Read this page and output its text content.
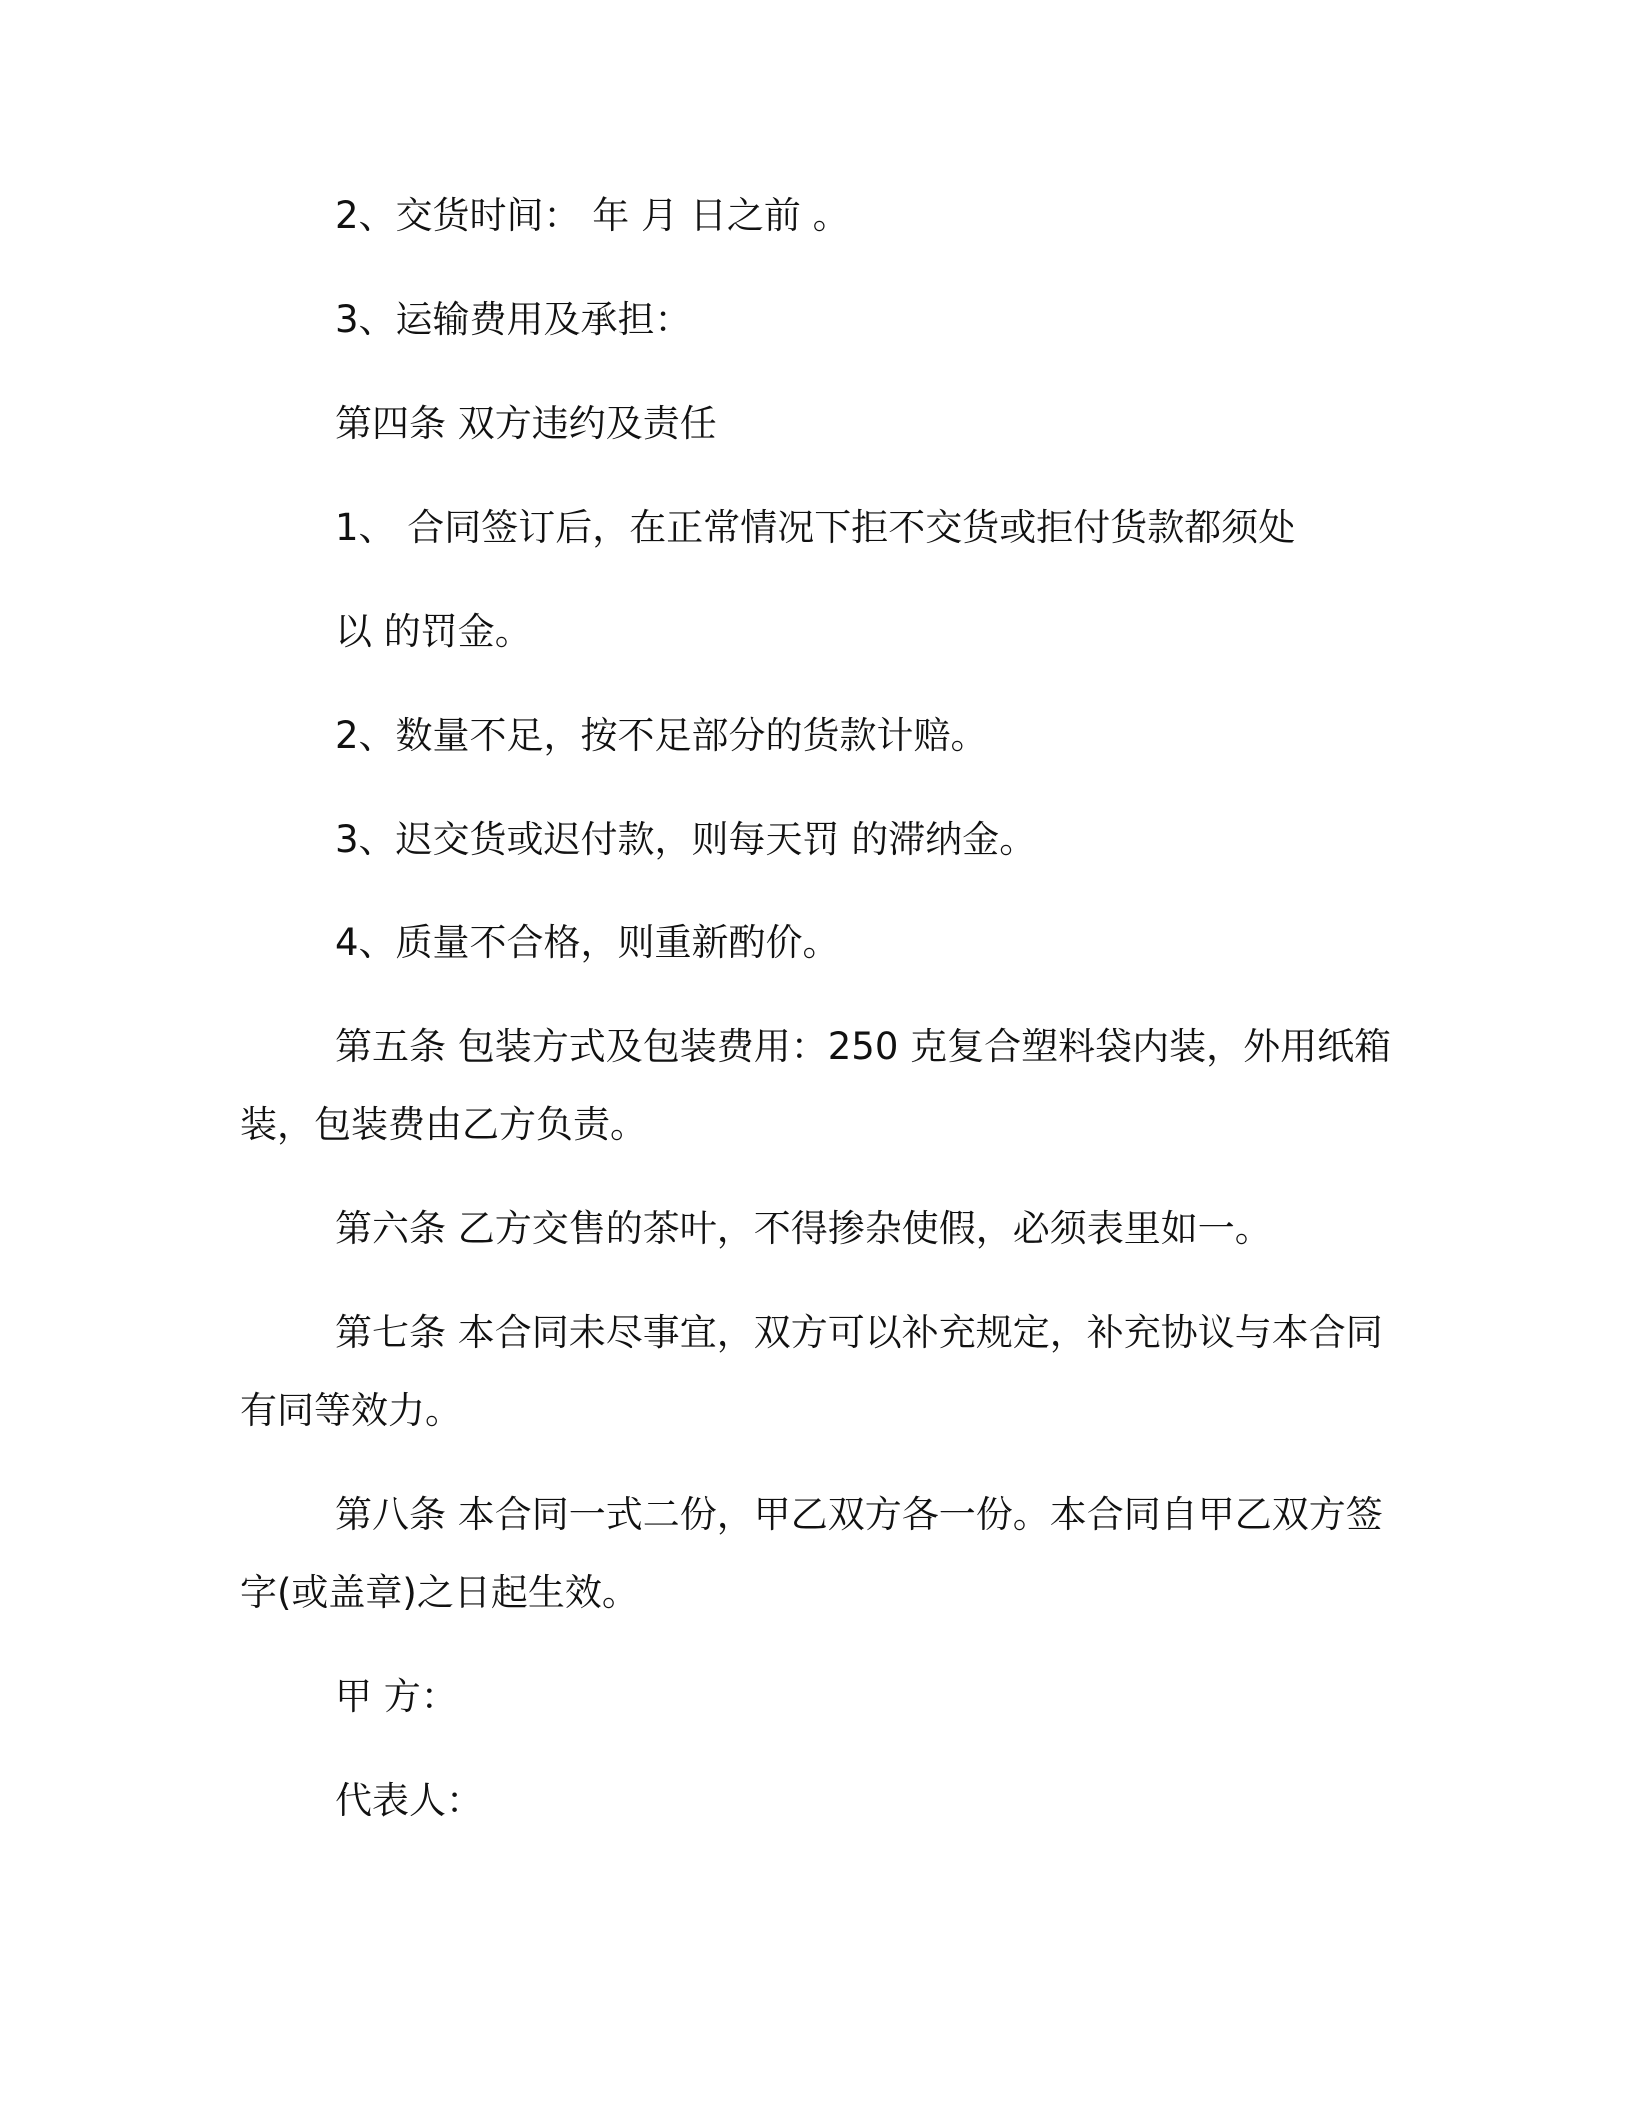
2、交货时间： 年 月 日之前 。
3、运输费用及承担：
第四条 双方违约及责任
1、 合同签订后，在正常情况下拒不交货或拒付货款都须处
以 的罚金。
2、数量不足，按不足部分的货款计赔。
3、迟交货或迟付款，则每天罚 的滞纳金。
4、质量不合格，则重新酌价。
第五条 包装方式及包装费用：250 克复合塑料袋内装，外用纸箱
装，包装费由乙方负责。
第六条 乙方交售的茶叶，不得掺杂使假，必须表里如一。
第七条 本合同未尽事宜，双方可以补充规定，补充协议与本合同
有同等效力。
第八条 本合同一式二份，甲乙双方各一份。本合同自甲乙双方签
字(或盖章)之日起生效。
甲 方：
代表人：
